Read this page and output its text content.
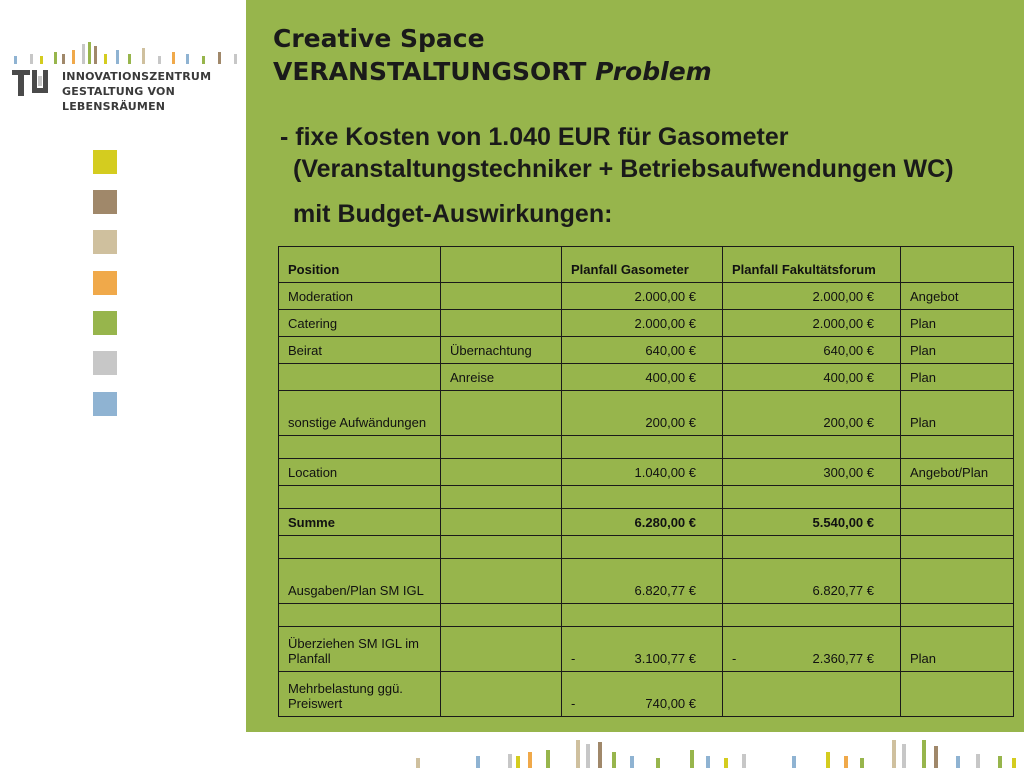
INNOVATIONSZENTRUM
GESTALTUNG VON LEBENSRÄUMEN
Creative Space
VERANSTALTUNGSORT Problem
- fixe Kosten von 1.040 EUR für Gasometer
(Veranstaltungstechniker + Betriebsaufwendungen WC)
mit Budget-Auswirkungen:
Position		Planfall Gasometer	Planfall Fakultätsforum	
Moderation		2.000,00 €	2.000,00 €	Angebot
Catering		2.000,00 €	2.000,00 €	Plan
Beirat	Übernachtung	640,00 €	640,00 €	Plan
	Anreise	400,00 €	400,00 €	Plan
sonstige Aufwändungen		200,00 €	200,00 €	Plan

Location		1.040,00 €	300,00 €	Angebot/Plan

Summe		6.280,00 €	5.540,00 €	

Ausgaben/Plan SM IGL		6.820,77 €	6.820,77 €	

Überziehen SM IGL im Planfall		- 3.100,77 €	- 2.360,77 €	Plan
Mehrbelastung ggü. Preiswert		- 740,00 €		
